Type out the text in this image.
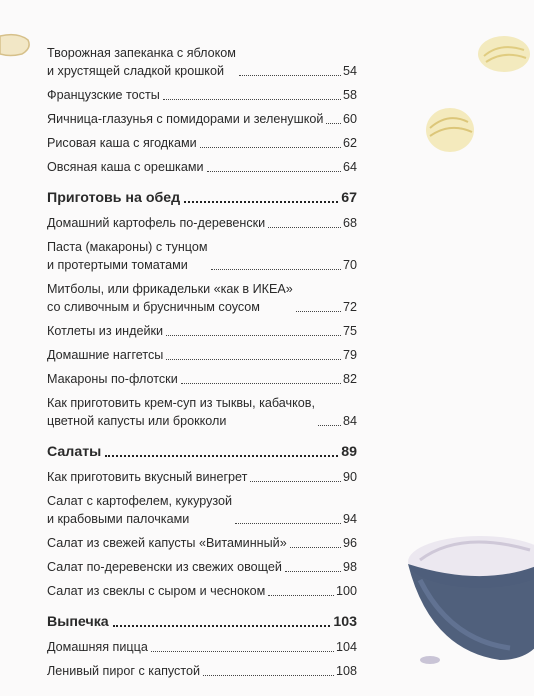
Творожная запеканка с яблоком
и хрустящей сладкой крошкой	54
Французские тосты	58
Яичница-глазунья с помидорами и зеленушкой 60
Рисовая каша с ягодками	62
Овсяная каша с орешками	64
Приготовь на обед	67
Домашний картофель по-деревенски	68
Паста (макароны) с тунцом
и протертыми томатами	70
Митболы, или фрикадельки «как в ИКЕА»
со сливочным и брусничным соусом	72
Котлеты из индейки	75
Домашние наггетсы	79
Макароны по-флотски	82
Как приготовить крем-суп из тыквы, кабачков,
цветной капусты или брокколи	84
Салаты	89
Как приготовить вкусный винегрет	90
Салат с картофелем, кукурузой
и крабовыми палочками	94
Салат из свежей капусты «Витаминный»	96
Салат по-деревенски из свежих овощей	98
Салат из свеклы с сыром и чесноком	100
Выпечка	103
Домашняя пицца	104
Ленивый пирог с капустой	108
